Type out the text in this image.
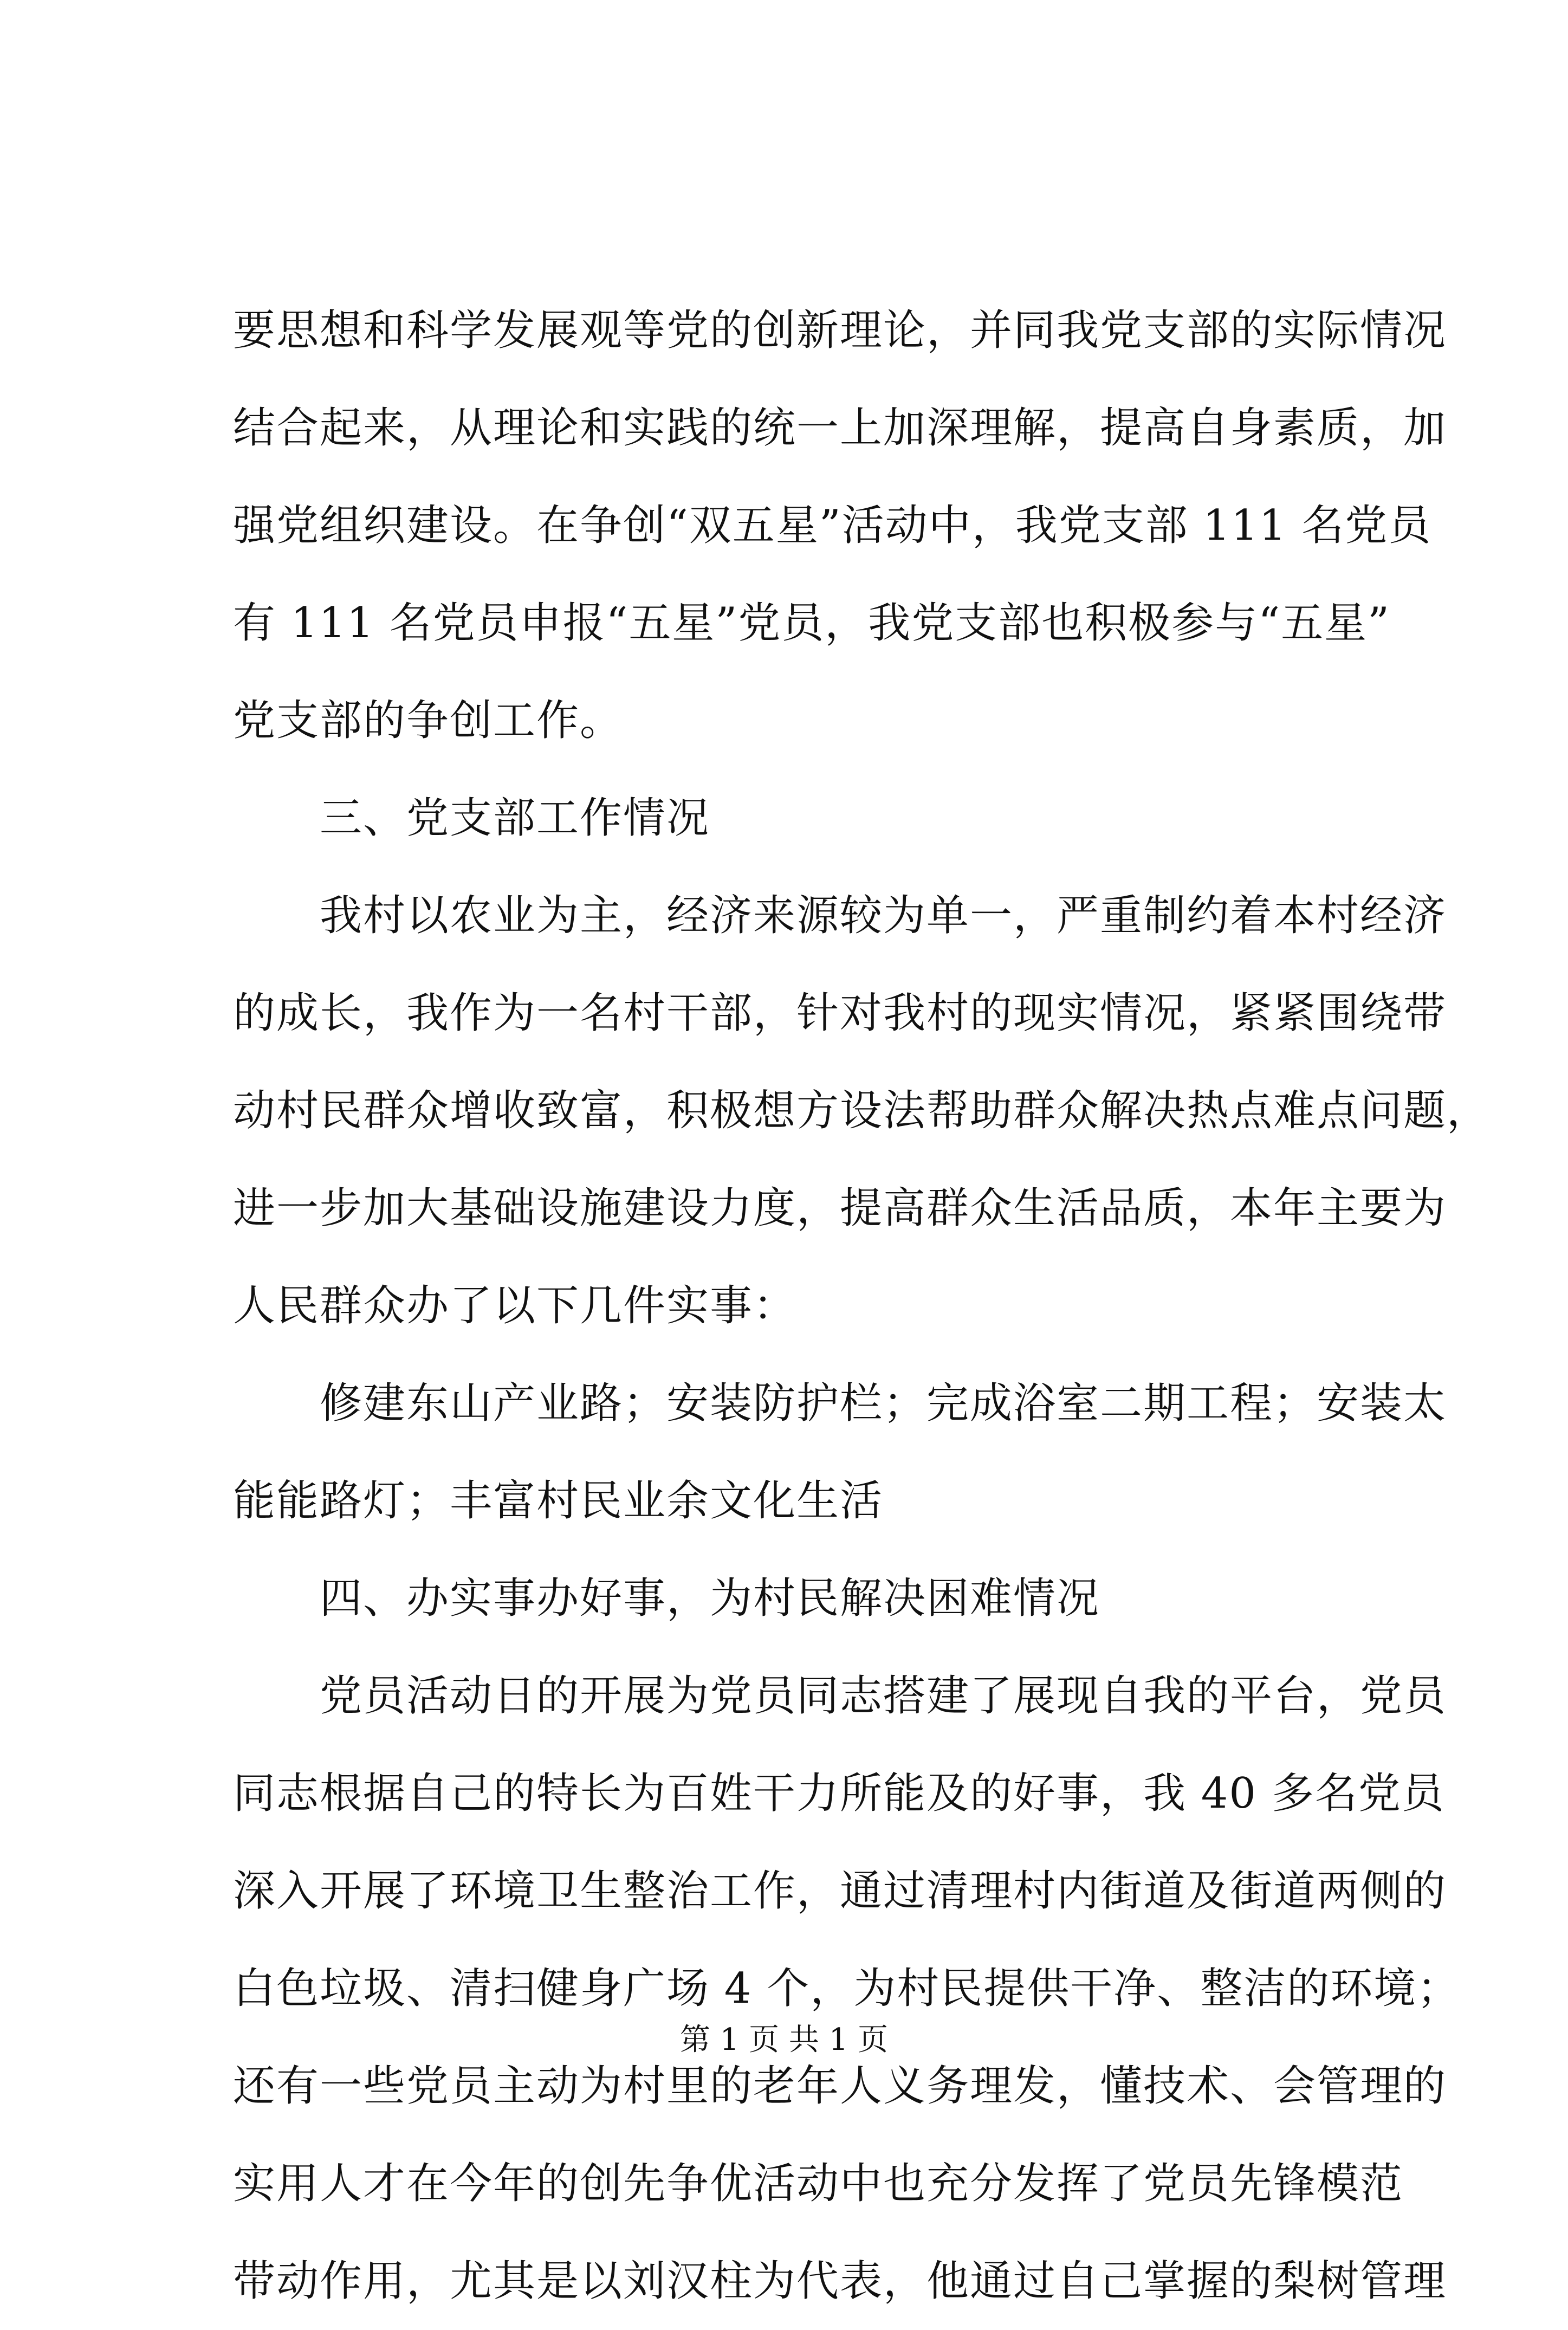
要思想和科学发展观等党的创新理论，并同我党支部的实际情况
结合起来，从理论和实践的统一上加深理解，提高自身素质，加
强党组织建设。在争创“双五星”活动中，我党支部 111 名党员
有 111 名党员申报“五星”党员，我党支部也积极参与“五星”
党支部的争创工作。
三、党支部工作情况
我村以农业为主，经济来源较为单一，严重制约着本村经济
的成长，我作为一名村干部，针对我村的现实情况，紧紧围绕带
动村民群众增收致富，积极想方设法帮助群众解决热点难点问题，
进一步加大基础设施建设力度，提高群众生活品质，本年主要为
人民群众办了以下几件实事：
修建东山产业路；安装防护栏；完成浴室二期工程；安装太
能能路灯；丰富村民业余文化生活
四、办实事办好事，为村民解决困难情况
党员活动日的开展为党员同志搭建了展现自我的平台，党员
同志根据自己的特长为百姓干力所能及的好事，我 40 多名党员
深入开展了环境卫生整治工作，通过清理村内街道及街道两侧的
白色垃圾、清扫健身广场 4 个，为村民提供干净、整洁的环境；
还有一些党员主动为村里的老年人义务理发，懂技术、会管理的
实用人才在今年的创先争优活动中也充分发挥了党员先锋模范
带动作用，尤其是以刘汉柱为代表，他通过自己掌握的梨树管理
第 1 页 共 1 页
